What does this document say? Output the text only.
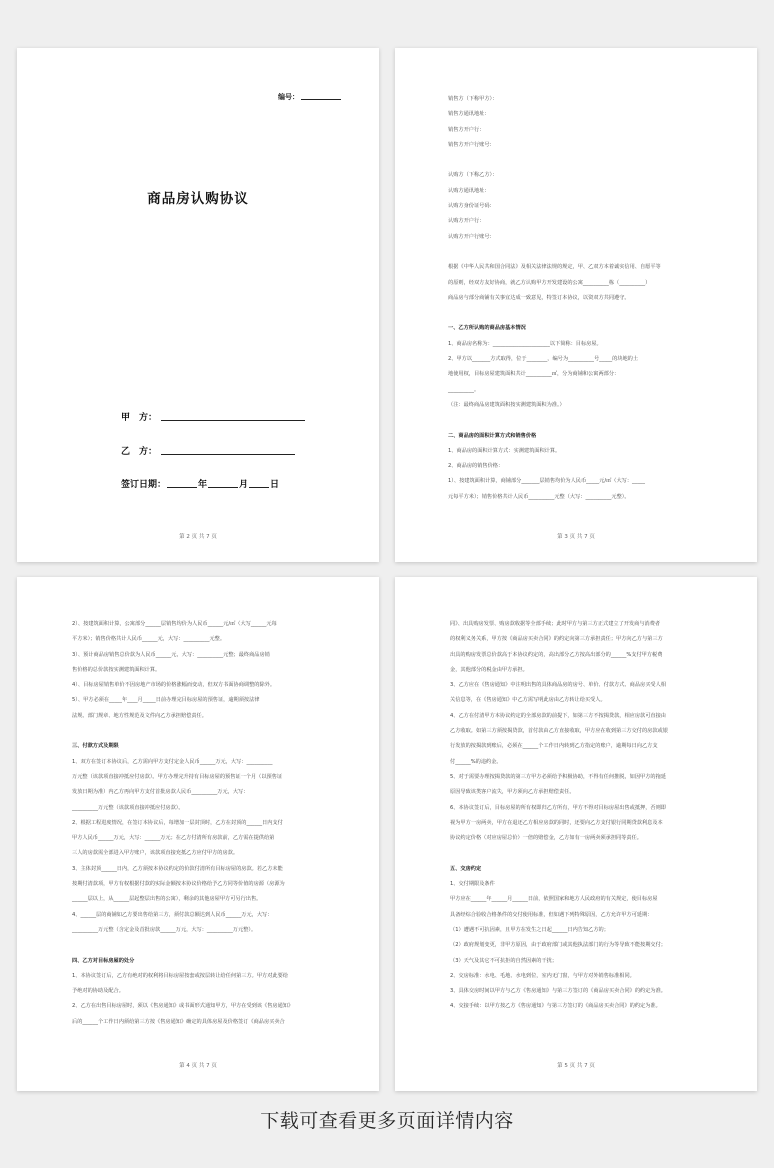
编号：
商品房认购协议
甲　方：
乙　方：
签订日期：	年	月 日
第 2 页 共 7 页

销售方（下称甲方）：

销售方通讯地址：

销售方开户行：

销售方开户行账号：

认购方（下称乙方）：

认购方通讯地址：

认购方身份证号码：

认购方开户行：

认购方开户行账号：

根据《中华人民共和国合同法》及相关法律法规的规定，甲、乙双方本着诚实信用、自愿平等

的原则，经双方友好协商，就乙方认购甲方开发建设的公寓__________栋（__________）

商品房与部分商铺有关事宜达成一致意见，特签订本协议，以资双方共同遵守。

一、乙方所认购的商品房基本情况

1、商品房名称为：______________________以下简称：目标房屋。

2、甲方以_______方式取得，位于________，编号为__________号_____的块地的土

地使用权，目标房屋建筑面积共计__________㎡，分为商铺和公寓两部分：

__________。

（注：最终商品房建筑面积按实测建筑面积为准。）

二、商品房的面积计算方式和销售价格

1、商品房的面积计算方式：实测建筑面积计算。

2、商品房的销售价格：

1）、按建筑面积计算，商铺部分_______层销售均价为人民币_____元/㎡（大写：_____

元每平方米）；销售价格共计人民币__________元整（大写：__________元整）。

第 3 页 共 7 页

2）、按建筑面积计算，公寓部分______层销售均价为人民币______元/㎡（大写______元每

平方米）；销售价格共计人民币______元，大写：__________元整。

3）、预计商品房销售总价款为人民币______元，大写：__________元整；最终商品房销

售价格的总价款按实测建筑面积计算。

4）、目标房屋销售单价不因房地产市场的价格涨幅而变动，但双方书面协商调整的除外。

5）、甲方必须在_____年____月_____日前办理完目标房屋的预售证，逾期须按法律

法规、部门规章、地方性规范及文件向乙方承担赔偿责任。

三、付款方式及期限

1、双方在签订本协议后，乙方需向甲方支付定金人民币______万元，大写：__________

万元整（该款项直接冲抵应付房款）。甲方办理完升持有目标房屋的预售证一个月（以预售证

发放日期为准）内乙方再向甲方支付首批房款人民币__________万元，大写：

__________万元整（该款项直接冲抵应付房款）。

2、根据工程进度情况，在签订本协议后，每增加一层封顶时，乙方在封顶的______日内支付

甲方人民币______万元，大写：______万元；在乙方付清所有房款前，乙方需在提供给第

三人的房款需全部进入甲方账户，该款项直接充抵乙方应付甲方的房款。

3、主体封顶______日内，乙方须按本协议约定的价款付清所有目标房屋的房款。若乙方未能

按期付清款项，甲方有权根据付款的实际金额按本协议价格给予乙方同等价值的房源（房源为

______层以上，从______层起整层出售的公寓），剩余的其他房屋甲方可另行出售。

4、______层的商铺如乙方要出售给第三方，须付款总额达到人民币______万元，大写：

__________万元整（含定金及首批房款______万元，大写：__________万元整）。

四、乙方对目标房屋的处分

1、本协议签订后，乙方有绝对的权利将目标房屋按套或按层转让给任何第三方。甲方对此要给

予绝对的协助及配合。

2、乙方在出售目标房屋时，须以《售房通知》或书面形式通知甲方，甲方在受到该《售房通知》

后的______个工作日内须给第三方按《售房通知》确定的具体房屋及价格签订《商品房买卖合

第 4 页 共 7 页

同》、出具购房发票、购房款收据等全部手续；此时甲方与第三方正式建立了开发商与消费者

的权利义务关系，甲方按《商品房买卖合同》的约定向第三方承担责任；甲方向乙方与第三方

出具的购房发票总价款高于本协议约定的，高出部分乙方按高出部分的______%支付甲方税费

金，其他部分的税金由甲方承担。

3、乙方应在《售房通知》中注明出售的具体商品房的房号、单价、付款方式、商品房买受人相

关信息等，在《售房通知》中乙方需写明此房由乙方转让给买受人。

4、乙方在付清甲方本协议约定的全部房款的前提下，如第三方不按揭贷款，相应房款可直接由

乙方收取。如第三方须按揭贷款，首付款由乙方直接收取，甲方应在收到第三方交付的房款或银

行发放的按揭款到账后，必须在______个工作日内转到乙方指定的账户，逾期每日向乙方支

付______%的违约金。

5、对于需要办理按揭贷款的第三方甲方必须给予积极协助，不得有任何推脱，如因甲方的拖延

原因导致该类客户流失，甲方须向乙方承担赔偿责任。

6、本协议签订后，目标房屋的所有权即归乙方所有，甲方不得对目标房屋出售或抵押，否则即

视为甲方一房两卖，甲方在退还乙方相应房款的同时，还要向乙方支付银行同期贷款利息及本

协议约定价格（对应房屋总价）一倍的赔偿金，乙方如有一房两卖须承担同等责任。

五、交房约定

1、交付期限及条件

甲方应在______年______月______日前，依照国家和地方人民政府的有关规定，使目标房屋

具备经综合验收合格条件的交付使用标准，但如遇下列特殊原因，乙方允许甲方可延期：

（1）遭遇不可抗因素，且甲方在发生之日起______日内告知乙方的；

（2）政府规划变更，非甲方原因，由于政府部门或其他执法部门的行为等导致不能按期交付；

（3）天气及其它不可抗拒的自然因素的干扰；

2、交房标准：水电、毛地、水电到位，室内无门窗，与甲方对外销售标准相同。

3、具体交房时间以甲方与乙方《售房通知》与第三方签订的《商品房买卖合同》的约定为准。

4、交接手续：以甲方按乙方《售房通知》与第三方签订的《商品房买卖合同》的约定为准。

第 5 页 共 7 页
下载可查看更多页面详情内容
